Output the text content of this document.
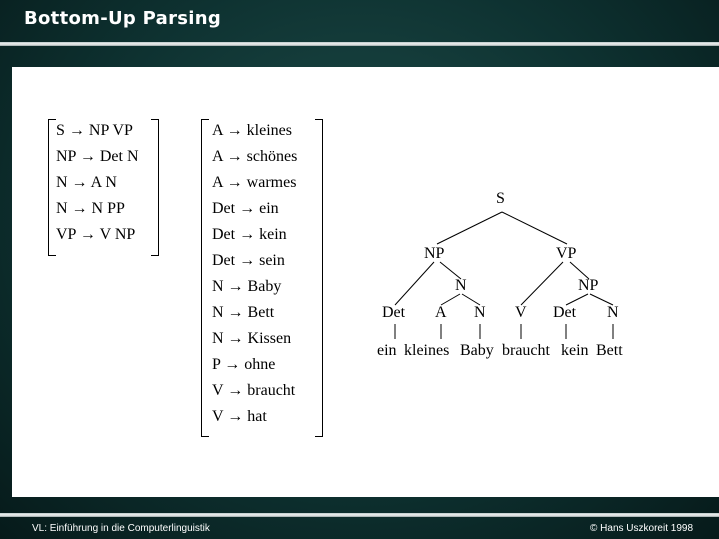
Bottom-Up Parsing
S → NP VP
NP → Det N
N → A N
N → N PP
VP → V NP
A → kleines
A → schönes
A → warmes
Det → ein
Det → kein
Det → sein
N → Baby
N → Bett
N → Kissen
P → ohne
V → braucht
V → hat
S
NP	VP
N	NP
Det A N V Det N
ein kleines Baby braucht kein Bett
VL: Einführung in die Computerlinguistik	© Hans Uszkoreit 1998
